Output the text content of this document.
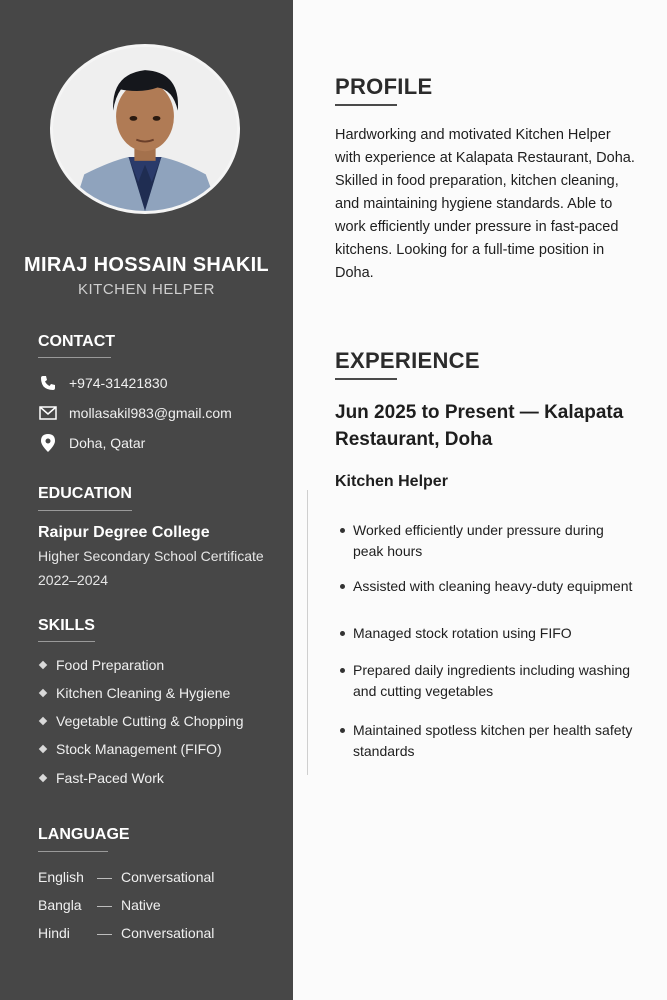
MIRAJ HOSSAIN SHAKIL
KITCHEN HELPER
CONTACT
+974-31421830
mollasakil983@gmail.com
Doha, Qatar
EDUCATION
Raipur Degree College
Higher Secondary School Certificate
2022–2024
SKILLS
Food Preparation
Kitchen Cleaning & Hygiene
Vegetable Cutting & Chopping
Stock Management (FIFO)
Fast-Paced Work
LANGUAGE
English	Conversational
Bangla	Native
Hindi	Conversational
PROFILE
Hardworking and motivated Kitchen Helper with experience at Kalapata Restaurant, Doha. Skilled in food preparation, kitchen cleaning, and maintaining hygiene standards. Able to work efficiently under pressure in fast-paced kitchens. Looking for a full-time position in Doha.
EXPERIENCE
Jun 2025 to Present — Kalapata Restaurant, Doha
Kitchen Helper
Worked efficiently under pressure during peak hours
Assisted with cleaning heavy-duty equipment
Managed stock rotation using FIFO
Prepared daily ingredients including washing and cutting vegetables
Maintained spotless kitchen per health safety standards
